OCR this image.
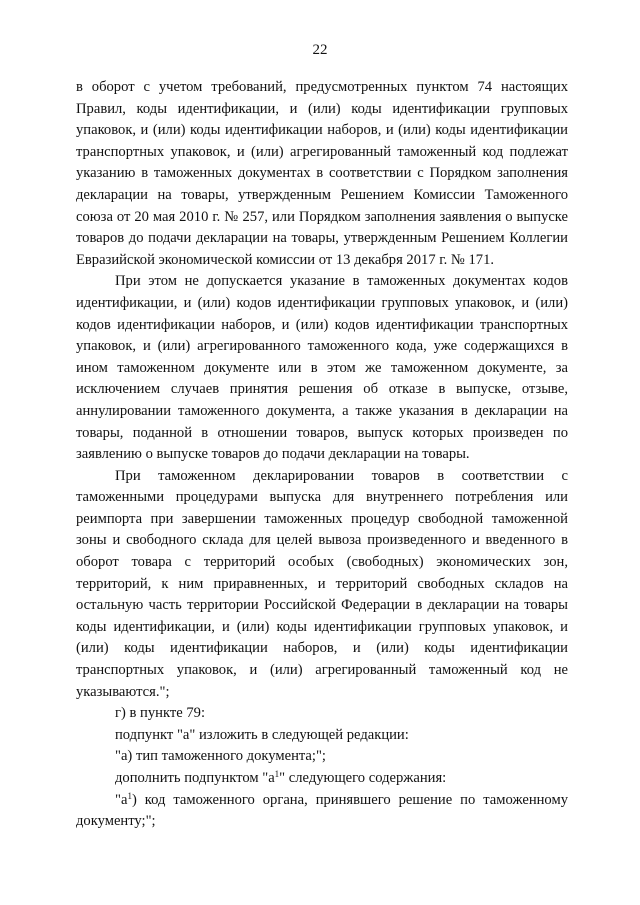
22

в оборот с учетом требований, предусмотренных пунктом 74 настоящих Правил, коды идентификации, и (или) коды идентификации групповых упаковок, и (или) коды идентификации наборов, и (или) коды идентификации транспортных упаковок, и (или) агрегированный таможенный код подлежат указанию в таможенных документах в соответствии с Порядком заполнения декларации на товары, утвержденным Решением Комиссии Таможенного союза от 20 мая 2010 г. № 257, или Порядком заполнения заявления о выпуске товаров до подачи декларации на товары, утвержденным Решением Коллегии Евразийской экономической комиссии от 13 декабря 2017 г. № 171.

При этом не допускается указание в таможенных документах кодов идентификации, и (или) кодов идентификации групповых упаковок, и (или) кодов идентификации наборов, и (или) кодов идентификации транспортных упаковок, и (или) агрегированного таможенного кода, уже содержащихся в ином таможенном документе или в этом же таможенном документе, за исключением случаев принятия решения об отказе в выпуске, отзыве, аннулировании таможенного документа, а также указания в декларации на товары, поданной в отношении товаров, выпуск которых произведен по заявлению о выпуске товаров до подачи декларации на товары.

При таможенном декларировании товаров в соответствии с таможенными процедурами выпуска для внутреннего потребления или реимпорта при завершении таможенных процедур свободной таможенной зоны и свободного склада для целей вывоза произведенного и введенного в оборот товара с территорий особых (свободных) экономических зон, территорий, к ним приравненных, и территорий свободных складов на остальную часть территории Российской Федерации в декларации на товары коды идентификации, и (или) коды идентификации групповых упаковок, и (или) коды идентификации наборов, и (или) коды идентификации транспортных упаковок, и (или) агрегированный таможенный код не указываются.";

г) в пункте 79:

подпункт "а" изложить в следующей редакции:

"а) тип таможенного документа;";

дополнить подпунктом "$а^1$" следующего содержания:

"$а^1$) код таможенного органа, принявшего решение по таможенному документу;";
